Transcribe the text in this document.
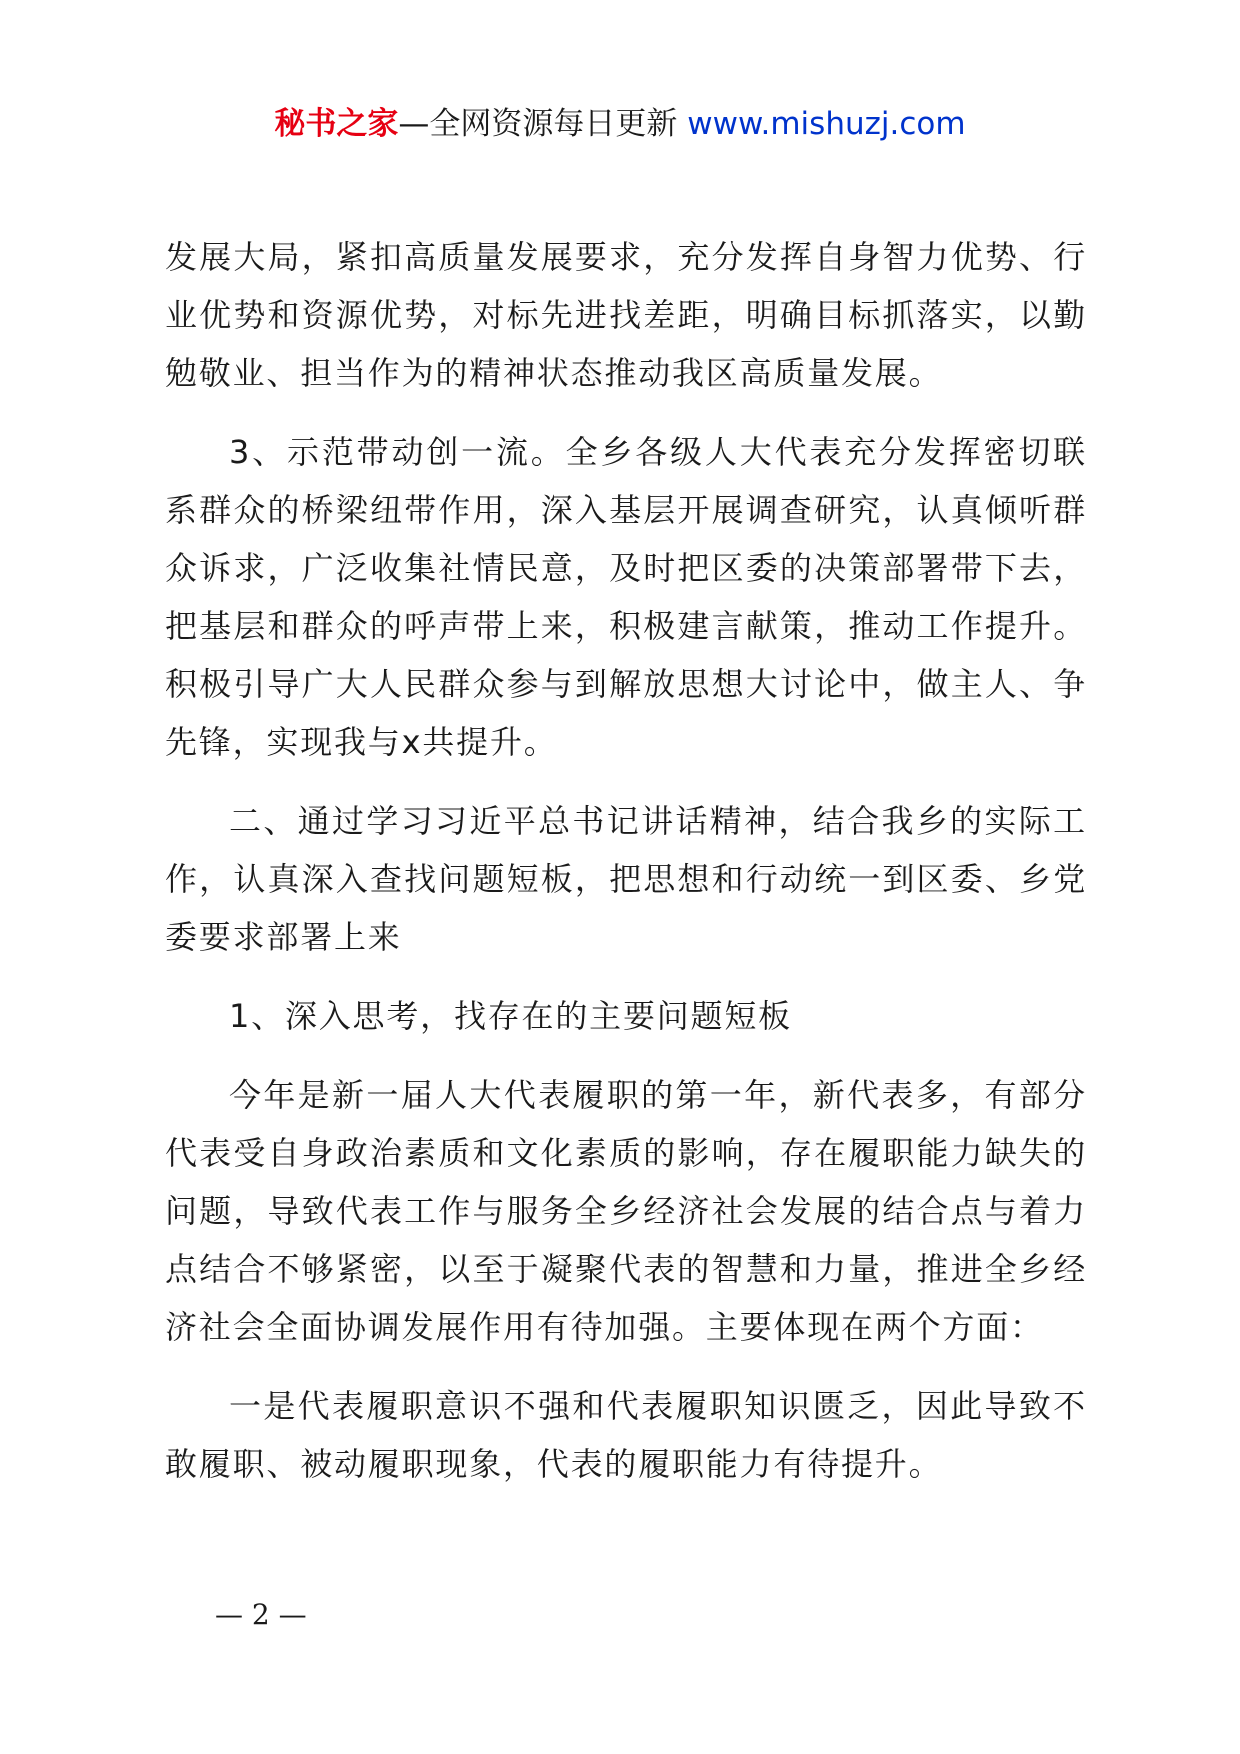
秘书之家—全网资源每日更新 www.mishuzj.com

发展大局，紧扣高质量发展要求，充分发挥自身智力优势、行业优势和资源优势，对标先进找差距，明确目标抓落实，以勤勉敬业、担当作为的精神状态推动我区高质量发展。

3、示范带动创一流。全乡各级人大代表充分发挥密切联系群众的桥梁纽带作用，深入基层开展调查研究，认真倾听群众诉求，广泛收集社情民意，及时把区委的决策部署带下去，把基层和群众的呼声带上来，积极建言献策，推动工作提升。积极引导广大人民群众参与到解放思想大讨论中，做主人、争先锋，实现我与x共提升。

二、通过学习习近平总书记讲话精神，结合我乡的实际工作，认真深入查找问题短板，把思想和行动统一到区委、乡党委要求部署上来

1、深入思考，找存在的主要问题短板

今年是新一届人大代表履职的第一年，新代表多，有部分代表受自身政治素质和文化素质的影响，存在履职能力缺失的问题，导致代表工作与服务全乡经济社会发展的结合点与着力点结合不够紧密，以至于凝聚代表的智慧和力量，推进全乡经济社会全面协调发展作用有待加强。主要体现在两个方面：

一是代表履职意识不强和代表履职知识匮乏，因此导致不敢履职、被动履职现象，代表的履职能力有待提升。

— 2 —
